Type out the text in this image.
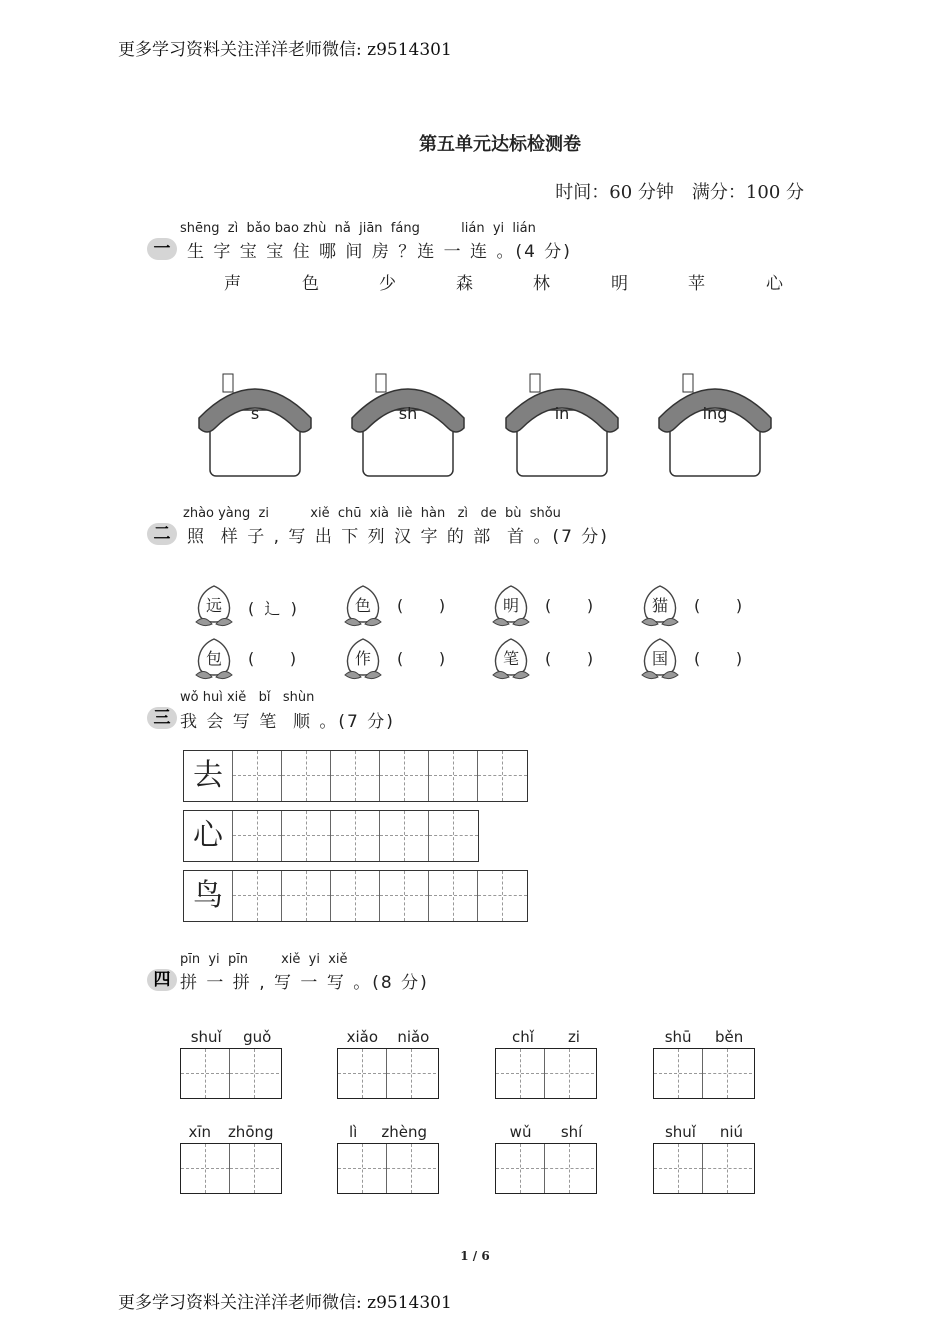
更多学习资料关注洋洋老师微信: z9514301
第五单元达标检测卷
时间：60 分钟　满分：100 分
一
shēng  zì  bǎo bao zhù  nǎ  jiān  fáng          lián  yi  lián
生 字 宝 宝 住 哪 间 房 ？连 一 连 。(4 分)
声	色	少	森	林	明	苹	心
s	sh	in	ing
二
zhào yàng  zi          xiě  chū  xià  liè  hàn   zì   de  bù  shǒu
照  样 子 , 写 出 下 列 汉 字 的 部  首 。(7 分)
远	(  辶  )	色	(       )	明	(       )	猫	(       )
包	(       )	作	(       )	笔	(       )	国	(       )
三
wǒ huì xiě   bǐ   shùn
我 会 写 笔  顺 。(7 分)
去
心
鸟
四
pīn  yi  pīn        xiě  yi  xiě
拼 一 拼 , 写 一 写 。(8 分)
shuǐ guǒ	xiǎo niǎo	chǐ zi	shū běn
xīn zhōng	lì zhèng	wǔ shí	shuǐ niú
1 / 6
更多学习资料关注洋洋老师微信: z9514301
